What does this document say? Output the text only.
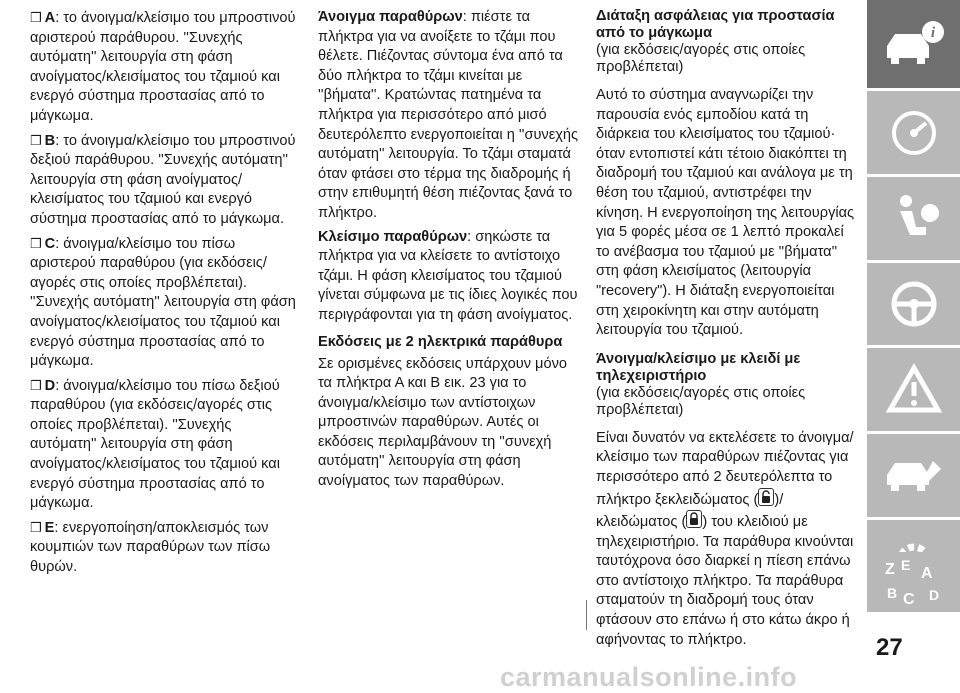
❒ A: το άνοιγμα/κλείσιμο του μπροστινού αριστερού παράθυρου. ''Συνεχής αυτόματη'' λειτουργία στη φάση ανοίγματος/κλεισίματος του τζαμιού και ενεργό σύστημα προστασίας από το μάγκωμα.

❒ B: το άνοιγμα/κλείσιμο του μπροστινού δεξιού παράθυρου. ''Συνεχής αυτόματη'' λειτουργία στη φάση ανοίγματος/κλεισίματος του τζαμιού και ενεργό σύστημα προστασίας από το μάγκωμα.

❒ C: άνοιγμα/κλείσιμο του πίσω αριστερού παραθύρου (για εκδόσεις/ αγορές στις οποίες προβλέπεται). ''Συνεχής αυτόματη'' λειτουργία στη φάση ανοίγματος/κλεισίματος του τζαμιού και ενεργό σύστημα προστασίας από το μάγκωμα.

❒ D: άνοιγμα/κλείσιμο του πίσω δεξιού παραθύρου (για εκδόσεις/αγορές στις οποίες προβλέπεται). ''Συνεχής αυτόματη'' λειτουργία στη φάση ανοίγματος/κλεισίματος του τζαμιού και ενεργό σύστημα προστασίας από το μάγκωμα.

❒ E: ενεργοποίηση/αποκλεισμός των κουμπιών των παραθύρων των πίσω θυρών.

Άνοιγμα παραθύρων: πιέστε τα πλήκτρα για να ανοίξετε το τζάμι που θέλετε. Πιέζοντας σύντομα ένα από τα δύο πλήκτρα το τζάμι κινείται με ''βήματα''. Κρατώντας πατημένα τα πλήκτρα για περισσότερο από μισό δευτερόλεπτο ενεργοποιείται η ''συνεχής αυτόματη'' λειτουργία. Το τζάμι σταματά όταν φτάσει στο τέρμα της διαδρομής ή στην επιθυμητή θέση πιέζοντας ξανά το πλήκτρο.

Κλείσιμο παραθύρων: σηκώστε τα πλήκτρα για να κλείσετε το αντίστοιχο τζάμι. Η φάση κλεισίματος του τζαμιού γίνεται σύμφωνα με τις ίδιες λογικές που περιγράφονται για τη φάση ανοίγματος.

Εκδόσεις με 2 ηλεκτρικά παράθυρα

Σε ορισμένες εκδόσεις υπάρχουν μόνο τα πλήκτρα Α και Β εικ. 23 για το άνοιγμα/κλείσιμο των αντίστοιχων μπροστινών παραθύρων. Αυτές οι εκδόσεις περιλαμβάνουν τη ''συνεχή αυτόματη'' λειτουργία στη φάση ανοίγματος των παραθύρων.

Διάταξη ασφάλειας για προστασία από το μάγκωμα

(για εκδόσεις/αγορές στις οποίες προβλέπεται)

Αυτό το σύστημα αναγνωρίζει την παρουσία ενός εμποδίου κατά τη διάρκεια του κλεισίματος του τζαμιού· όταν εντοπιστεί κάτι τέτοιο διακόπτει τη διαδρομή του τζαμιού και ανάλογα με τη θέση του τζαμιού, αντιστρέφει την κίνηση. Η ενεργοποίηση της λειτουργίας για 5 φορές μέσα σε 1 λεπτό προκαλεί το ανέβασμα του τζαμιού με ''βήματα'' στη φάση κλεισίματος (λειτουργία "recovery"). Η διάταξη ενεργοποιείται στη χειροκίνητη και στην αυτόματη λειτουργία του τζαμιού.

Άνοιγμα/κλείσιμο με κλειδί με τηλεχειριστήριο

(για εκδόσεις/αγορές στις οποίες προβλέπεται)

Είναι δυνατόν να εκτελέσετε το άνοιγμα/κλείσιμο των παραθύρων πιέζοντας για περισσότερο από 2 δευτερόλεπτα το πλήκτρο ξεκλειδώματος ( )/κλειδώματος ( ) του κλειδιού με τηλεχειριστήριο. Τα παράθυρα κινούνται ταυτόχρονα όσο διαρκεί η πίεση επάνω στο αντίστοιχο πλήκτρο. Τα παράθυρα σταματούν τη διαδρομή τους όταν φτάσουν στο επάνω ή στο κάτω άκρο ή αφήνοντας το πλήκτρο.

i
Z E A
B C D
27
carmanualsonline.info
